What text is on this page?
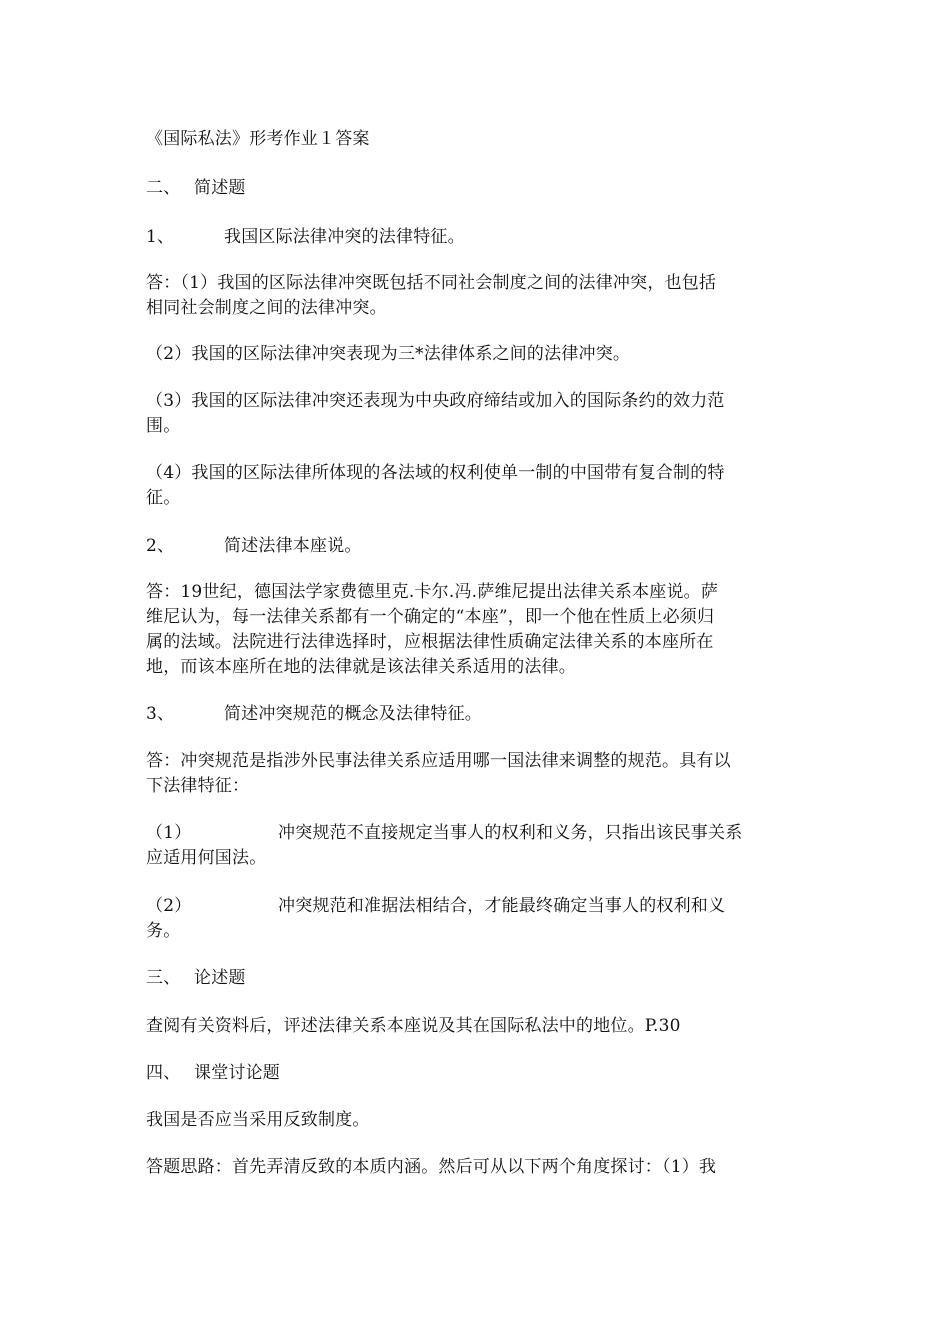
《国际私法》形考作业１答案
二、 简述题
1、	我国区际法律冲突的法律特征。
答：（1）我国的区际法律冲突既包括不同社会制度之间的法律冲突，也包括
相同社会制度之间的法律冲突。
（2）我国的区际法律冲突表现为三*法律体系之间的法律冲突。
（3）我国的区际法律冲突还表现为中央政府缔结或加入的国际条约的效力范
围。
（4）我国的区际法律所体现的各法域的权利使单一制的中国带有复合制的特
征。
2、	简述法律本座说。
答：19世纪，德国法学家费德里克.卡尔.冯.萨维尼提出法律关系本座说。萨
维尼认为，每一法律关系都有一个确定的“本座”，即一个他在性质上必须归
属的法域。法院进行法律选择时，应根据法律性质确定法律关系的本座所在
地，而该本座所在地的法律就是该法律关系适用的法律。
3、	简述冲突规范的概念及法律特征。
答：冲突规范是指涉外民事法律关系应适用哪一国法律来调整的规范。具有以
下法律特征：
（1）	冲突规范不直接规定当事人的权利和义务，只指出该民事关系
应适用何国法。
（2）	冲突规范和准据法相结合，才能最终确定当事人的权利和义
务。
三、 论述题
查阅有关资料后，评述法律关系本座说及其在国际私法中的地位。P.30
四、 课堂讨论题
我国是否应当采用反致制度。
答题思路：首先弄清反致的本质内涵。然后可从以下两个角度探讨：（1）我
